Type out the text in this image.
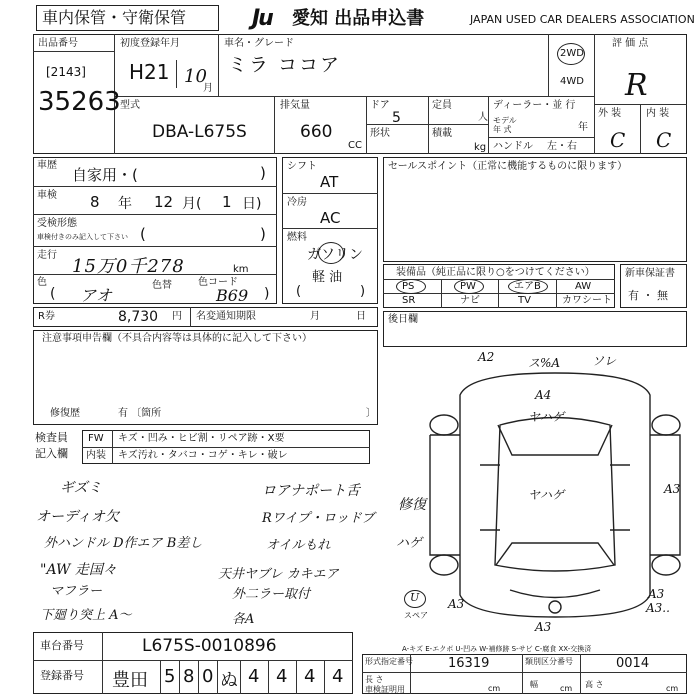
車内保管・守衛保管	Ju 愛知 出品申込書	JAPAN USED CAR DEALERS ASSOCIATION
出品番号
[2143]
35263
初度登録年月
H21 10
月
車名・グレード
ミラ ココア
2WD
4WD
評 価 点
R
外 装 内 装
C C
型式
DBA-L675S
排気量
660
CC
ドア
5
形状
定員
人
積載
kg
ディーラー・並 行
モデル
年 式	年
ハンドル 左・右
車歴
自家用・(	)
車検 8 年 12 月( 1 日)
受検形態
車検付きのみ記入して下さい (	)
走行
15万0千278	km
色
アオ
色替	色コード
B69
(	)
シフト
AT
冷房
AC
燃料
ガソリン
軽 油
(	)
セールスポイント（正常に機能するものに限ります）
装備品（純正品に限り○をつけてください）
PS	PW	エアB	AW
SR	ナビ	TV	カワシート
新車保証書
有 ・ 無
R券	8,730 円 名変通知期限	月	日 後日欄
注意事項申告欄（不具合内容等は具体的に記入して下さい）
修復歴	有 〔箇所	〕
検査員
記入欄
FW キズ・凹み・ヒビ割・リペア跡・X要
内装 キズ汚れ・タバコ・コゲ・キレ・破レ
ギズミ	ロアナポート舌
修復
オーディオ欠	Rワイプ・ロッドブ
外ハンドル D作エア B差し	オイルもれ	ハゲ
"AW 走国々
マフラー
天井ヤブレ カキエア
外二ラー取付
下廻り突上 A〜	各A
A2	ス%A	ソレ
A4
ヤハゲ
ヤハゲ	A3
A3
A3
A3..
U
スペア
A3
A-キズ E-エクボ U-凹み W-補修跡 S-サビ C-腐食 XX-交換済
車台番号	L675S-0010896
登録番号 豊田 5 8 0 ぬ 4 4 4 4
形式指定番号	16319	類別区分番号	0014
長 さ
車検証明用	cm	幅	cm 高 さ	cm
